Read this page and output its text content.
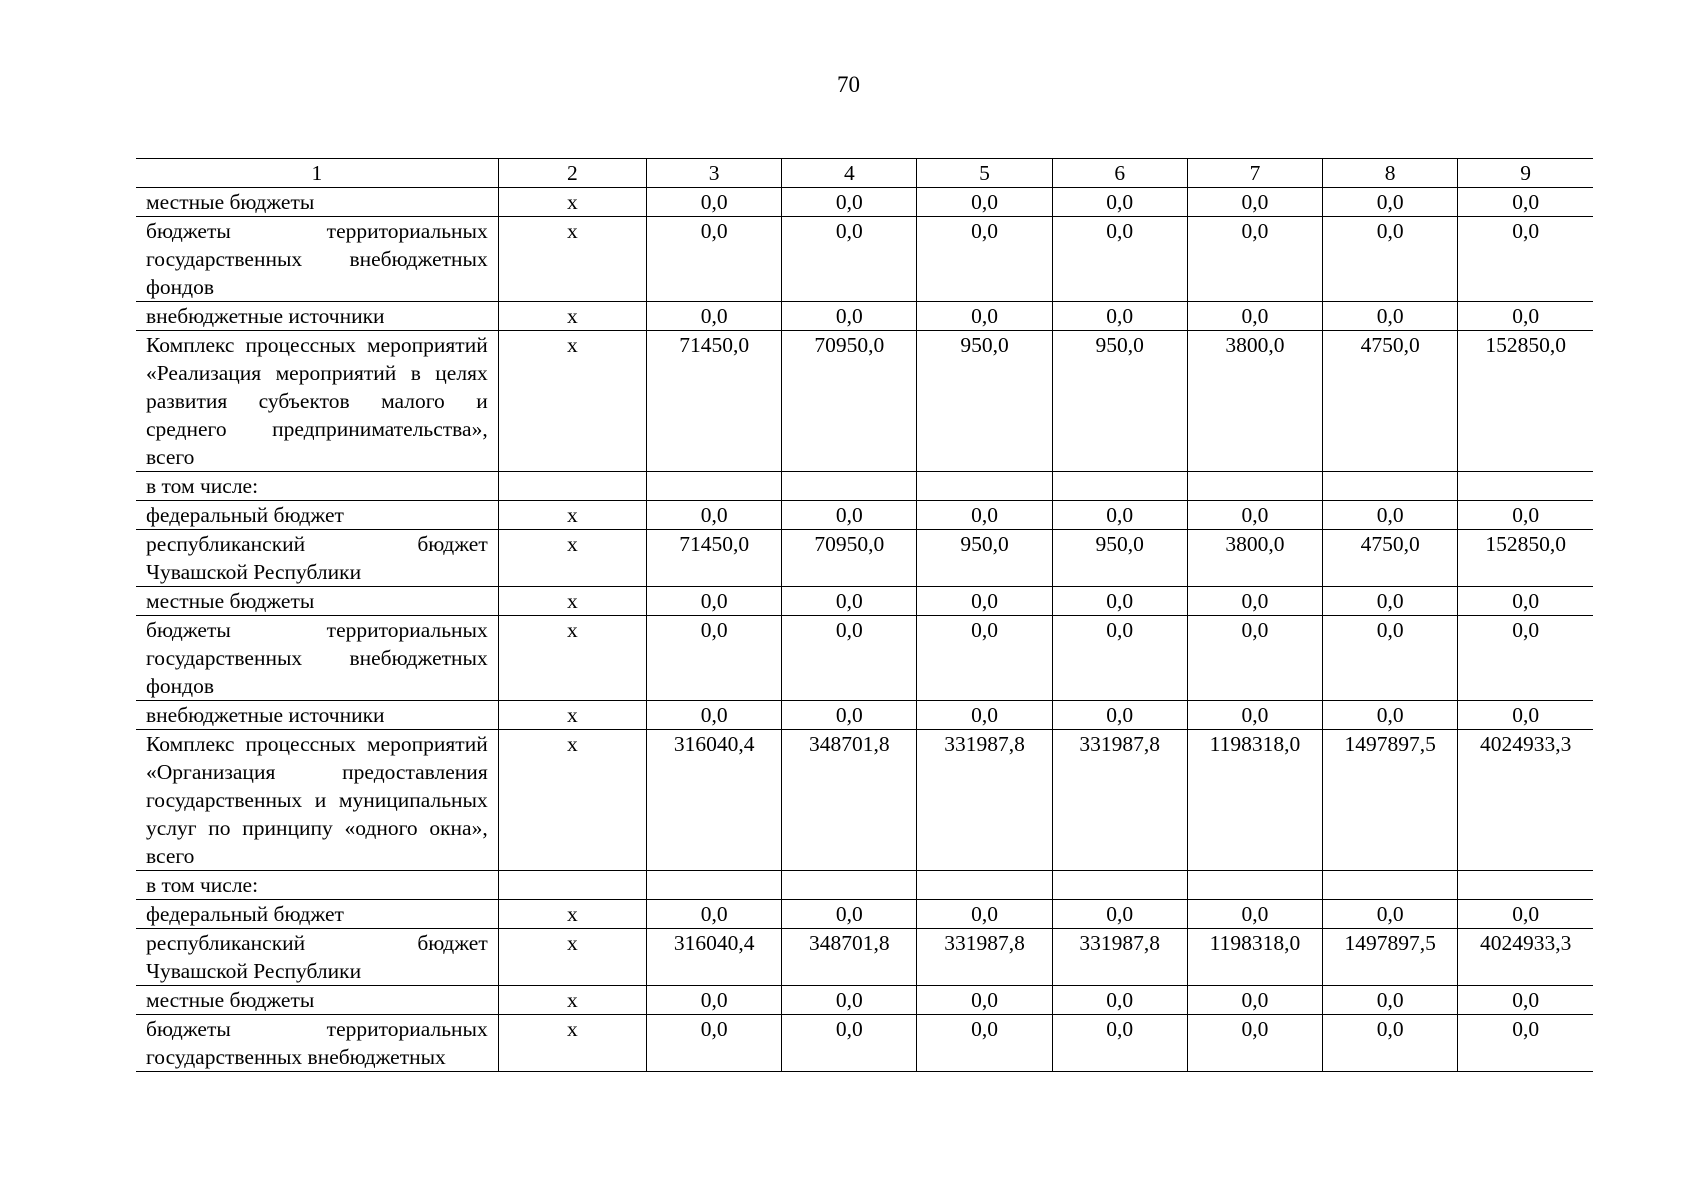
70
1	2	3	4	5	6	7	8	9
местные бюджеты	х	0,0	0,0	0,0	0,0	0,0	0,0	0,0
бюджеты территориальных государственных внебюджетных фондов	х	0,0	0,0	0,0	0,0	0,0	0,0	0,0
внебюджетные источники	х	0,0	0,0	0,0	0,0	0,0	0,0	0,0
Комплекс процессных мероприятий «Реализация мероприятий в целях развития субъектов малого и среднего предпринимательства», всего	х	71450,0	70950,0	950,0	950,0	3800,0	4750,0	152850,0
в том числе:								
федеральный бюджет	х	0,0	0,0	0,0	0,0	0,0	0,0	0,0
республиканский бюджет Чувашской Республики	х	71450,0	70950,0	950,0	950,0	3800,0	4750,0	152850,0
местные бюджеты	х	0,0	0,0	0,0	0,0	0,0	0,0	0,0
бюджеты территориальных государственных внебюджетных фондов	х	0,0	0,0	0,0	0,0	0,0	0,0	0,0
внебюджетные источники	х	0,0	0,0	0,0	0,0	0,0	0,0	0,0
Комплекс процессных мероприятий «Организация предоставления государственных и муниципальных услуг по принципу «одного окна», всего	х	316040,4	348701,8	331987,8	331987,8	1198318,0	1497897,5	4024933,3
в том числе:								
федеральный бюджет	х	0,0	0,0	0,0	0,0	0,0	0,0	0,0
республиканский бюджет Чувашской Республики	х	316040,4	348701,8	331987,8	331987,8	1198318,0	1497897,5	4024933,3
местные бюджеты	х	0,0	0,0	0,0	0,0	0,0	0,0	0,0
бюджеты территориальных государственных внебюджетных	х	0,0	0,0	0,0	0,0	0,0	0,0	0,0
